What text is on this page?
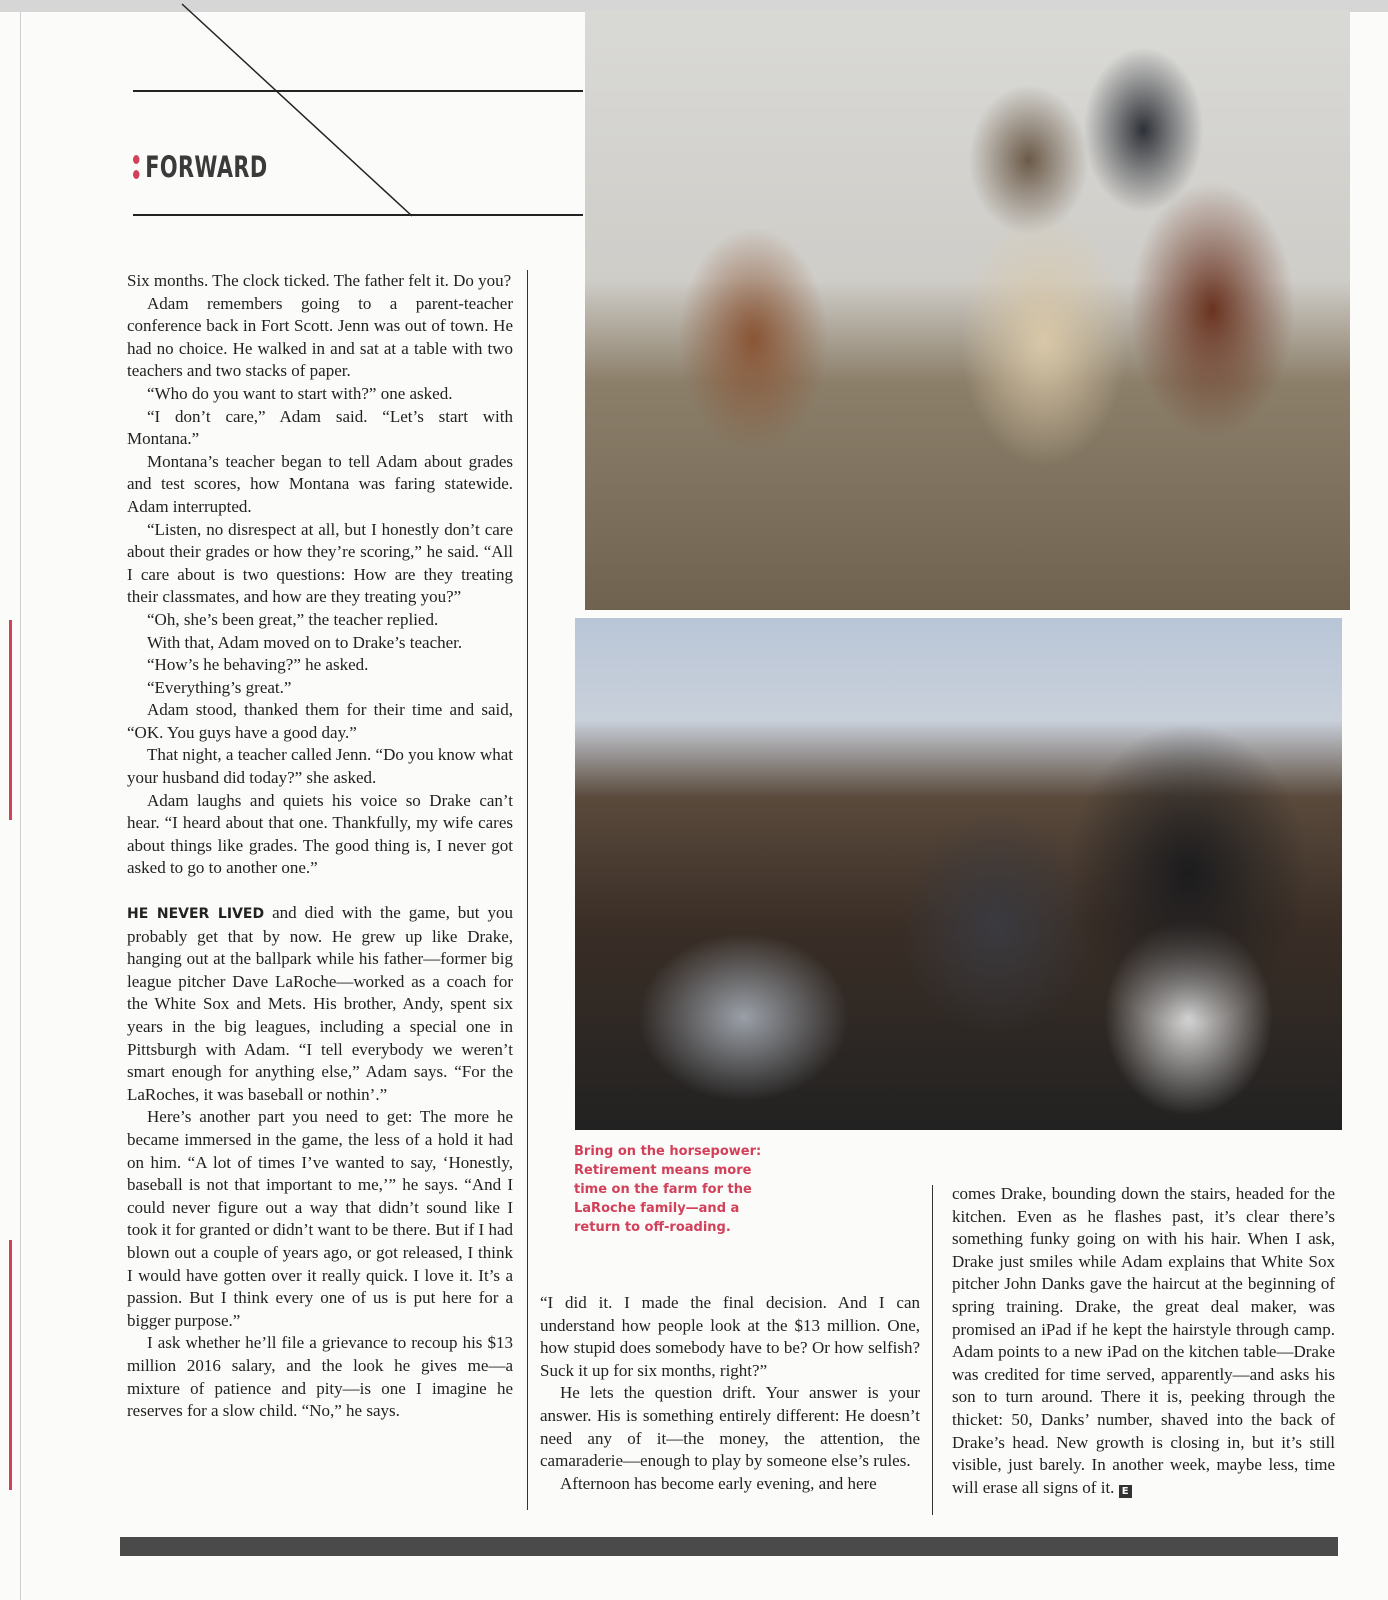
FORWARD

Six months. The clock ticked. The father felt it. Do you?

Adam remembers going to a parent-teacher conference back in Fort Scott. Jenn was out of town. He had no choice. He walked in and sat at a table with two teachers and two stacks of paper.

“Who do you want to start with?” one asked.

“I don’t care,” Adam said. “Let’s start with Montana.”

Montana’s teacher began to tell Adam about grades and test scores, how Montana was faring statewide. Adam interrupted.

“Listen, no disrespect at all, but I honestly don’t care about their grades or how they’re scoring,” he said. “All I care about is two questions: How are they treating their classmates, and how are they treating you?”

“Oh, she’s been great,” the teacher replied.

With that, Adam moved on to Drake’s teacher.

“How’s he behaving?” he asked.

“Everything’s great.”

Adam stood, thanked them for their time and said, “OK. You guys have a good day.”

That night, a teacher called Jenn. “Do you know what your husband did today?” she asked.

Adam laughs and quiets his voice so Drake can’t hear. “I heard about that one. Thankfully, my wife cares about things like grades. The good thing is, I never got asked to go to another one.”

HE NEVER LIVED and died with the game, but you probably get that by now. He grew up like Drake, hanging out at the ballpark while his father—former big league pitcher Dave LaRoche—worked as a coach for the White Sox and Mets. His brother, Andy, spent six years in the big leagues, including a special one in Pittsburgh with Adam. “I tell everybody we weren’t smart enough for anything else,” Adam says. “For the LaRoches, it was baseball or nothin’.”

Here’s another part you need to get: The more he became immersed in the game, the less of a hold it had on him. “A lot of times I’ve wanted to say, ‘Honestly, baseball is not that important to me,’” he says. “And I could never figure out a way that didn’t sound like I took it for granted or didn’t want to be there. But if I had blown out a couple of years ago, or got released, I think I would have gotten over it really quick. I love it. It’s a passion. But I think every one of us is put here for a bigger purpose.”

I ask whether he’ll file a grievance to recoup his $13 million 2016 salary, and the look he gives me—a mixture of patience and pity—is one I imagine he reserves for a slow child. “No,” he says.

Bring on the horsepower: Retirement means more time on the farm for the LaRoche family—and a return to off-roading.

“I did it. I made the final decision. And I can understand how people look at the $13 million. One, how stupid does somebody have to be? Or how selfish? Suck it up for six months, right?”

He lets the question drift. Your answer is your answer. His is something entirely different: He doesn’t need any of it—the money, the attention, the camaraderie—enough to play by someone else’s rules.

Afternoon has become early evening, and here

comes Drake, bounding down the stairs, headed for the kitchen. Even as he flashes past, it’s clear there’s something funky going on with his hair. When I ask, Drake just smiles while Adam explains that White Sox pitcher John Danks gave the haircut at the beginning of spring training. Drake, the great deal maker, was promised an iPad if he kept the hairstyle through camp. Adam points to a new iPad on the kitchen table—Drake was credited for time served, apparently—and asks his son to turn around. There it is, peeking through the thicket: 50, Danks’ number, shaved into the back of Drake’s head. New growth is closing in, but it’s still visible, just barely. In another week, maybe less, time will erase all signs of it. E
